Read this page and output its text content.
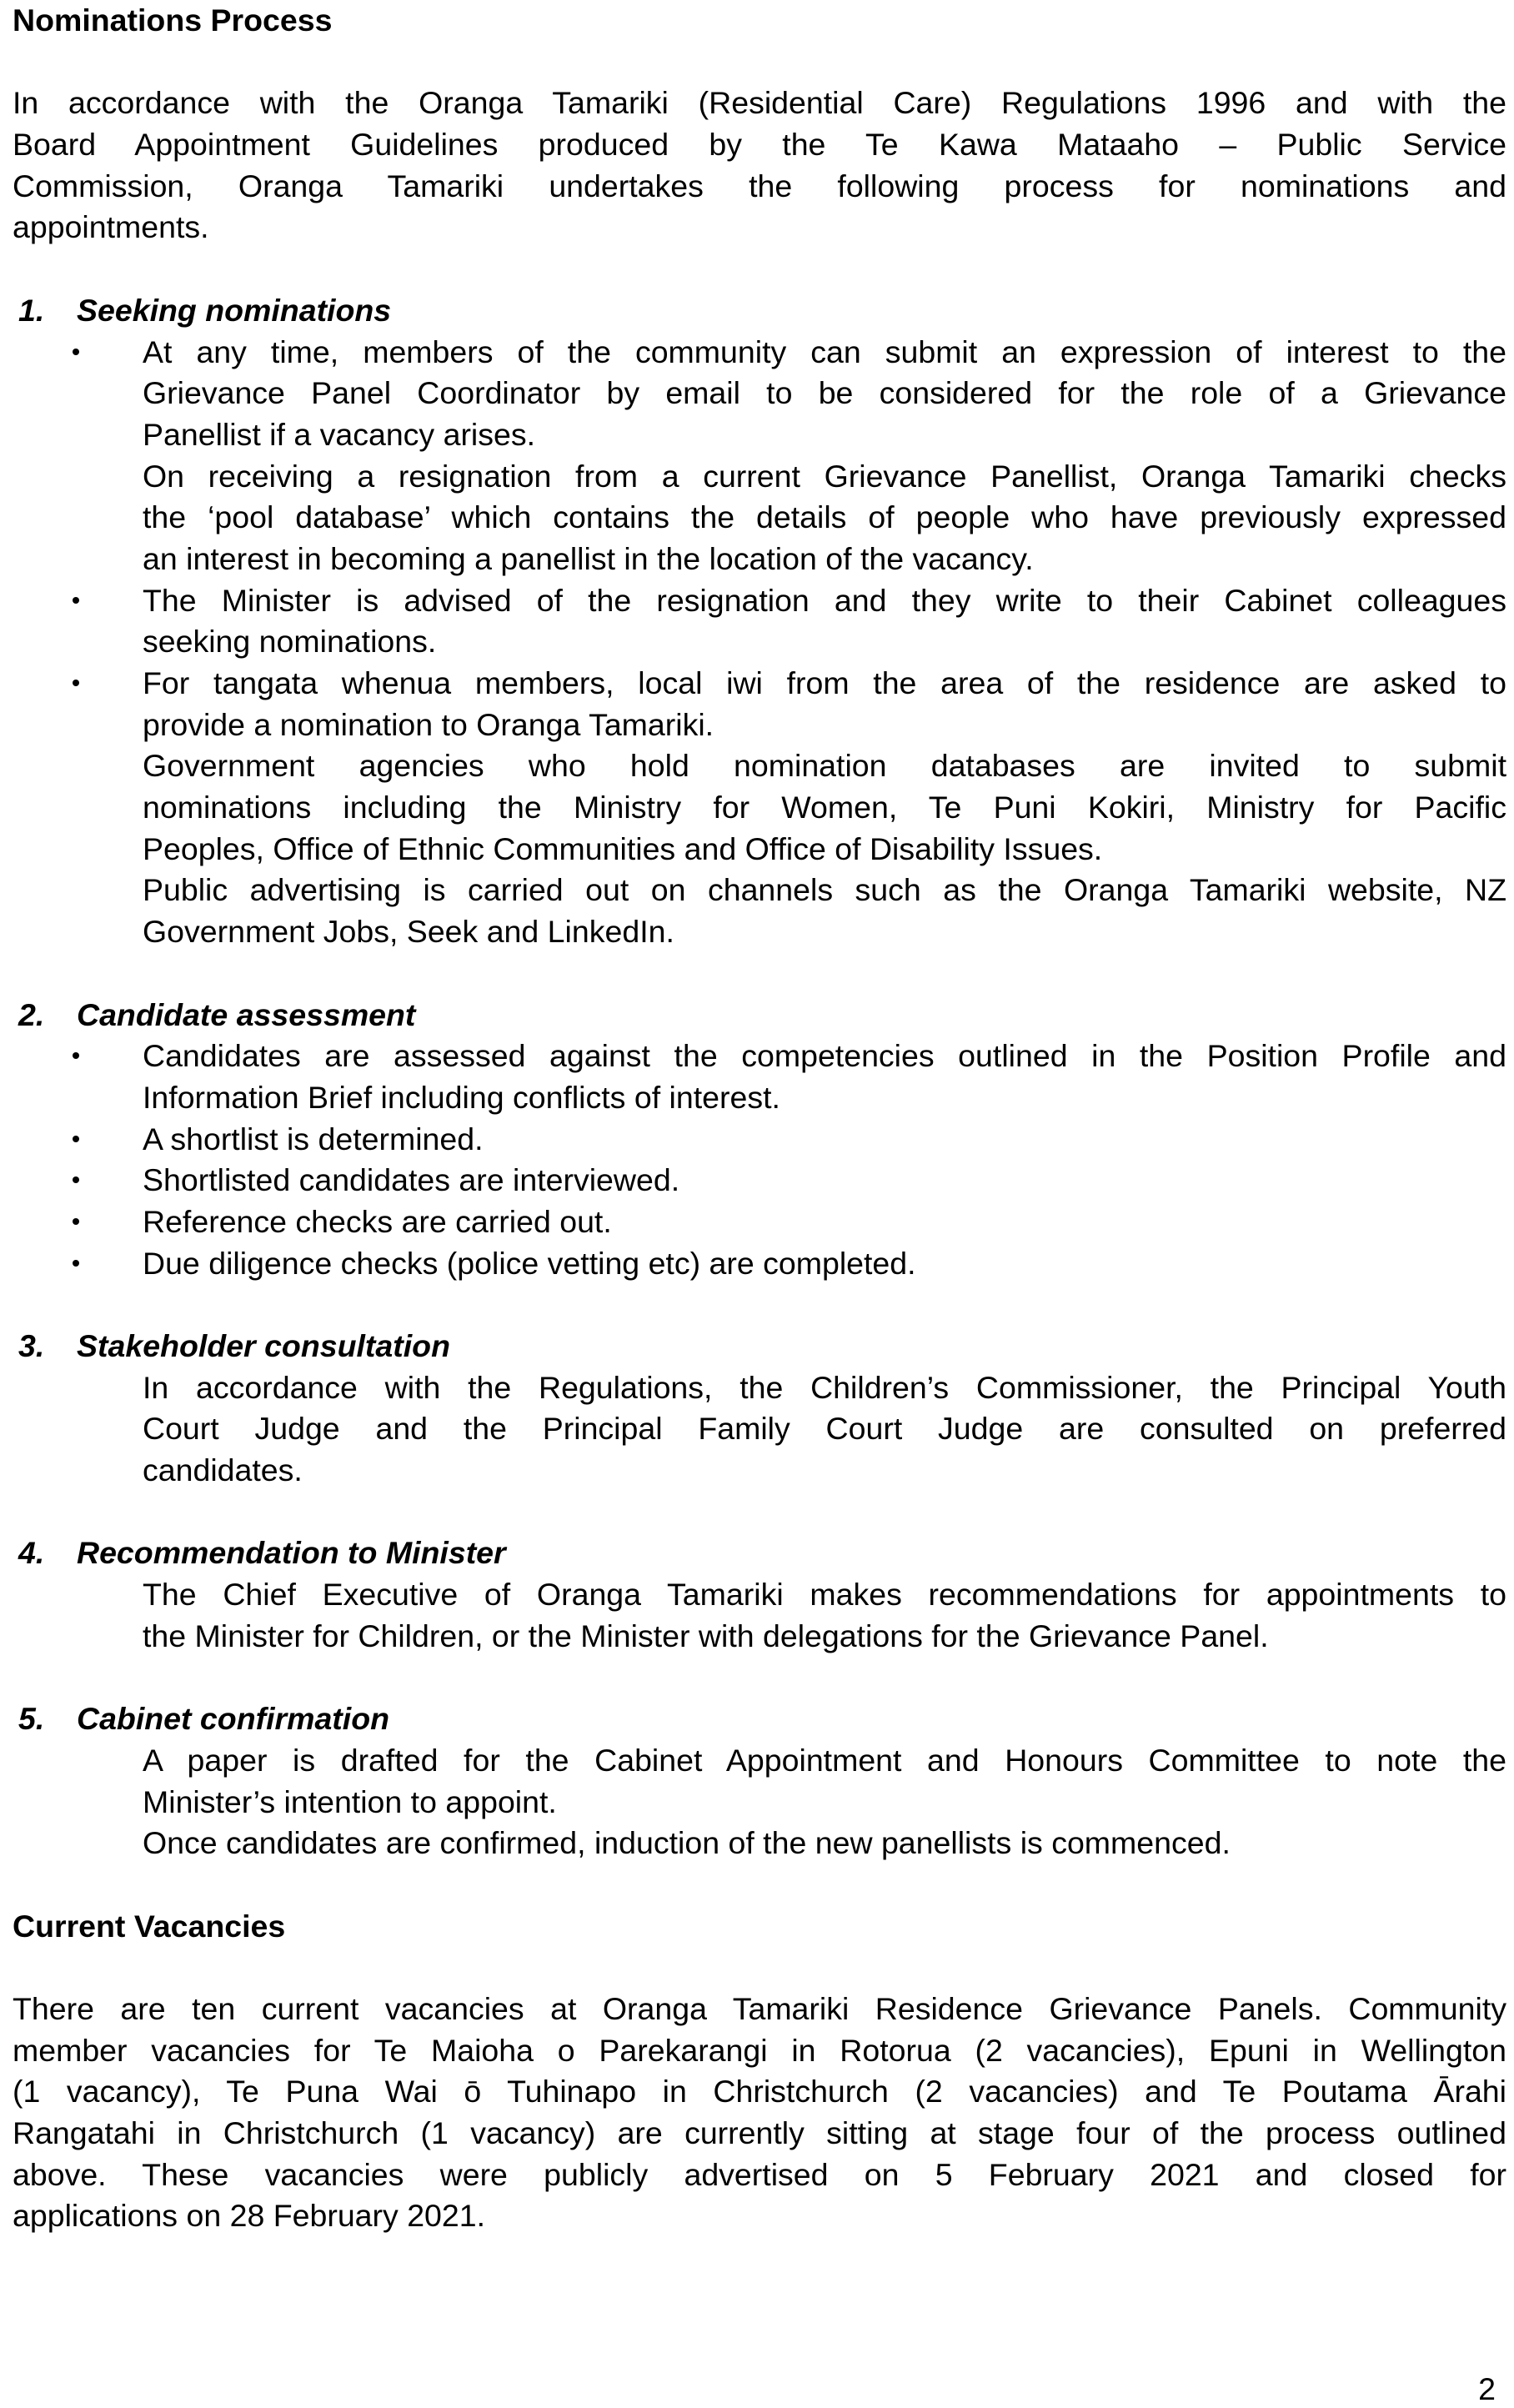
Nominations Process
In accordance with the Oranga Tamariki (Residential Care) Regulations 1996 and with the
Board Appointment Guidelines produced by the Te Kawa Mataaho – Public Service
Commission, Oranga Tamariki undertakes the following process for nominations and
appointments.
1. Seeking nominations
At any time, members of the community can submit an expression of interest to the
Grievance Panel Coordinator by email to be considered for the role of a Grievance
Panellist if a vacancy arises.
On receiving a resignation from a current Grievance Panellist, Oranga Tamariki checks
the ‘pool database’ which contains the details of people who have previously expressed
an interest in becoming a panellist in the location of the vacancy.
The Minister is advised of the resignation and they write to their Cabinet colleagues
seeking nominations.
For tangata whenua members, local iwi from the area of the residence are asked to
provide a nomination to Oranga Tamariki.
Government agencies who hold nomination databases are invited to submit
nominations including the Ministry for Women, Te Puni Kokiri, Ministry for Pacific
Peoples, Office of Ethnic Communities and Office of Disability Issues.
Public advertising is carried out on channels such as the Oranga Tamariki website, NZ
Government Jobs, Seek and LinkedIn.
2. Candidate assessment
Candidates are assessed against the competencies outlined in the Position Profile and
Information Brief including conflicts of interest.
A shortlist is determined.
Shortlisted candidates are interviewed.
Reference checks are carried out.
Due diligence checks (police vetting etc) are completed.
3. Stakeholder consultation
In accordance with the Regulations, the Children’s Commissioner, the Principal Youth
Court Judge and the Principal Family Court Judge are consulted on preferred
candidates.
4. Recommendation to Minister
The Chief Executive of Oranga Tamariki makes recommendations for appointments to
the Minister for Children, or the Minister with delegations for the Grievance Panel.
5. Cabinet confirmation
A paper is drafted for the Cabinet Appointment and Honours Committee to note the
Minister’s intention to appoint.
Once candidates are confirmed, induction of the new panellists is commenced.
Current Vacancies
There are ten current vacancies at Oranga Tamariki Residence Grievance Panels. Community
member vacancies for Te Maioha o Parekarangi in Rotorua (2 vacancies), Epuni in Wellington
(1 vacancy), Te Puna Wai ō Tuhinapo in Christchurch (2 vacancies) and Te Poutama Ārahi
Rangatahi in Christchurch (1 vacancy) are currently sitting at stage four of the process outlined
above. These vacancies were publicly advertised on 5 February 2021 and closed for
applications on 28 February 2021.
2
